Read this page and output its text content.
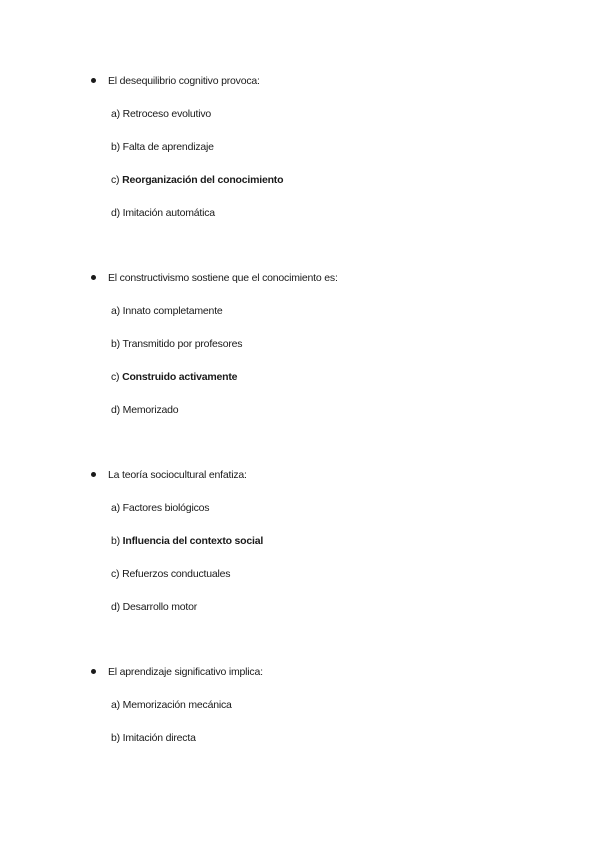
El desequilibrio cognitivo provoca:
a) Retroceso evolutivo
b) Falta de aprendizaje
c) Reorganización del conocimiento
d) Imitación automática
El constructivismo sostiene que el conocimiento es:
a) Innato completamente
b) Transmitido por profesores
c) Construido activamente
d) Memorizado
La teoría sociocultural enfatiza:
a) Factores biológicos
b) Influencia del contexto social
c) Refuerzos conductuales
d) Desarrollo motor
El aprendizaje significativo implica:
a) Memorización mecánica
b) Imitación directa
